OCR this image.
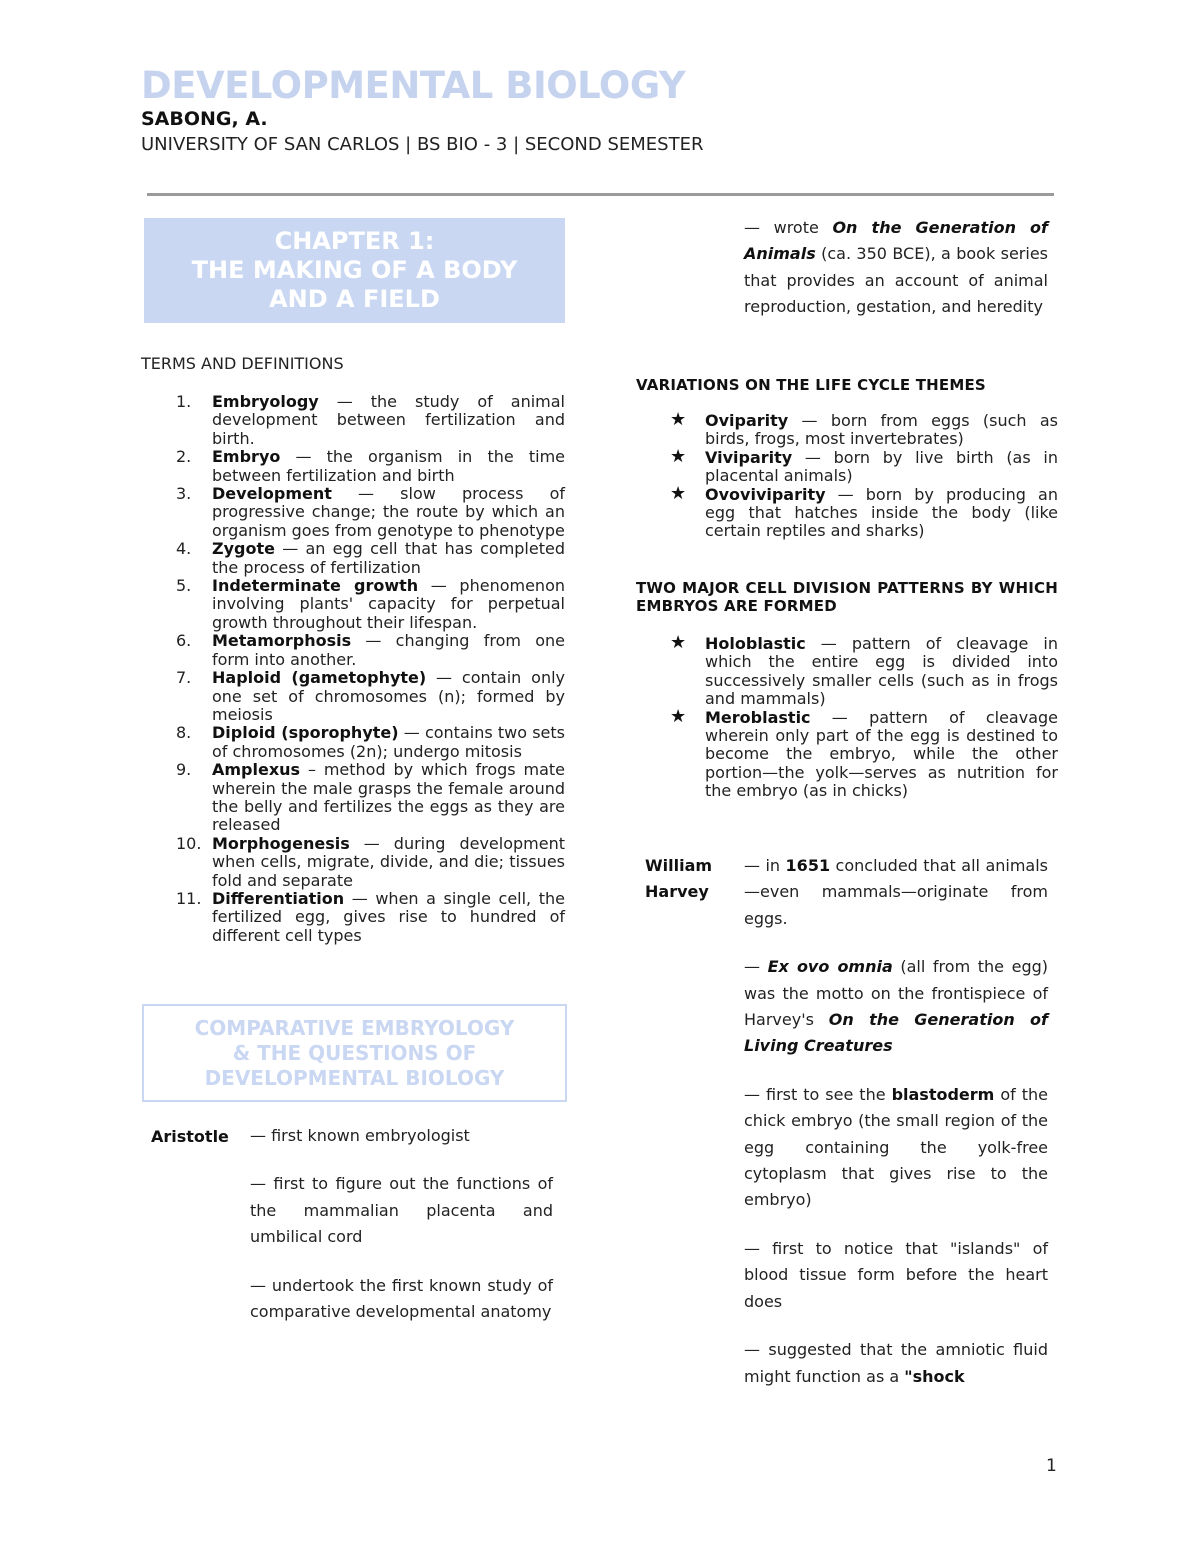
DEVELOPMENTAL BIOLOGY
SABONG, A.
UNIVERSITY OF SAN CARLOS | BS BIO - 3 | SECOND SEMESTER
CHAPTER 1:
THE MAKING OF A BODY
AND A FIELD
TERMS AND DEFINITIONS
1. Embryology — the study of animal development between fertilization and birth.
2. Embryo — the organism in the time between fertilization and birth
3. Development — slow process of progressive change; the route by which an organism goes from genotype to phenotype
4. Zygote — an egg cell that has completed the process of fertilization
5. Indeterminate growth — phenomenon involving plants' capacity for perpetual growth throughout their lifespan.
6. Metamorphosis — changing from one form into another.
7. Haploid (gametophyte) — contain only one set of chromosomes (n); formed by meiosis
8. Diploid (sporophyte) — contains two sets of chromosomes (2n); undergo mitosis
9. Amplexus – method by which frogs mate wherein the male grasps the female around the belly and fertilizes the eggs as they are released
10. Morphogenesis — during development when cells, migrate, divide, and die; tissues fold and separate
11. Differentiation — when a single cell, the fertilized egg, gives rise to hundred of different cell types
COMPARATIVE EMBRYOLOGY
& THE QUESTIONS OF
DEVELOPMENTAL BIOLOGY
Aristotle — first known embryologist

— first to figure out the functions of the mammalian placenta and umbilical cord

— undertook the first known study of comparative developmental anatomy

— wrote On the Generation of Animals (ca. 350 BCE), a book series that provides an account of animal reproduction, gestation, and heredity

VARIATIONS ON THE LIFE CYCLE THEMES
★ Oviparity — born from eggs (such as birds, frogs, most invertebrates)
★ Viviparity — born by live birth (as in placental animals)
★ Ovoviviparity — born by producing an egg that hatches inside the body (like certain reptiles and sharks)
TWO MAJOR CELL DIVISION PATTERNS BY WHICH EMBRYOS ARE FORMED
★ Holoblastic — pattern of cleavage in which the entire egg is divided into successively smaller cells (such as in frogs and mammals)
★ Meroblastic — pattern of cleavage wherein only part of the egg is destined to become the embryo, while the other portion—the yolk—serves as nutrition for the embryo (as in chicks)
William Harvey

— in 1651 concluded that all animals—even mammals—originate from eggs.

— Ex ovo omnia (all from the egg) was the motto on the frontispiece of Harvey's On the Generation of Living Creatures

— first to see the blastoderm of the chick embryo (the small region of the egg containing the yolk-free cytoplasm that gives rise to the embryo)

— first to notice that "islands" of blood tissue form before the heart does

— suggested that the amniotic fluid might function as a "shock

1
